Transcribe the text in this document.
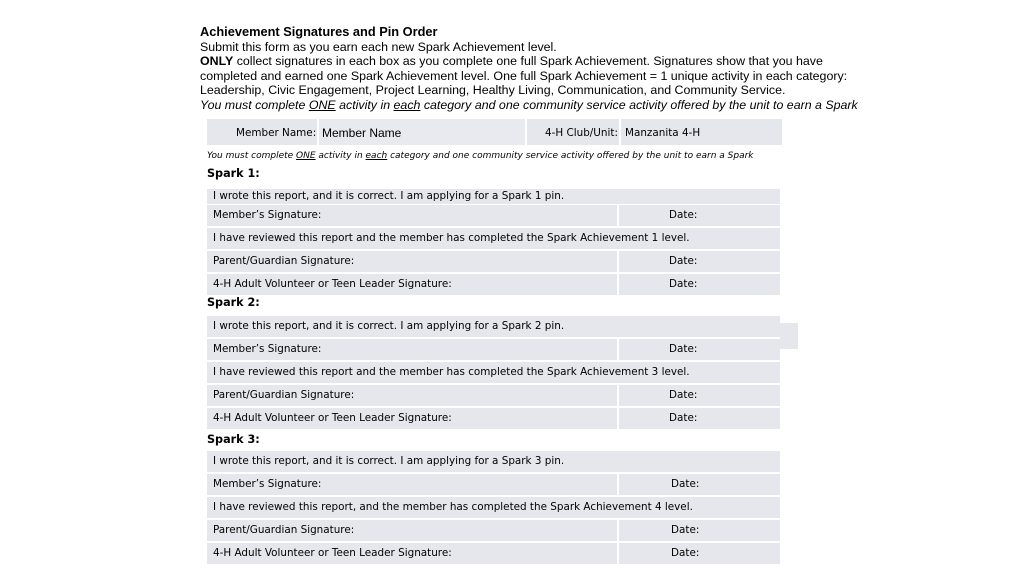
Achievement Signatures and Pin Order
Submit this form as you earn each new Spark Achievement level.
ONLY collect signatures in each box as you complete one full Spark Achievement. Signatures show that you have
completed and earned one Spark Achievement level. One full Spark Achievement = 1 unique activity in each category:
Leadership, Civic Engagement, Project Learning, Healthy Living, Communication, and Community Service.
You must complete ONE activity in each category and one community service activity offered by the unit to earn a Spark
Member Name: Member Name	4-H Club/Unit: Manzanita 4-H
You must complete ONE activity in each category and one community service activity offered by the unit to earn a Spark
Spark 1:
I wrote this report, and it is correct. I am applying for a Spark 1 pin.
Member’s Signature:	Date:
I have reviewed this report and the member has completed the Spark Achievement 1 level.
Parent/Guardian Signature:	Date:
4-H Adult Volunteer or Teen Leader Signature:	Date:
Spark 2:
I wrote this report, and it is correct. I am applying for a Spark 2 pin.
Member’s Signature:	Date:
I have reviewed this report and the member has completed the Spark Achievement 3 level.
Parent/Guardian Signature:	Date:
4-H Adult Volunteer or Teen Leader Signature:	Date:
Spark 3:
I wrote this report, and it is correct. I am applying for a Spark 3 pin.
Member’s Signature:	Date:
I have reviewed this report, and the member has completed the Spark Achievement 4 level.
Parent/Guardian Signature:	Date:
4-H Adult Volunteer or Teen Leader Signature:	Date:
